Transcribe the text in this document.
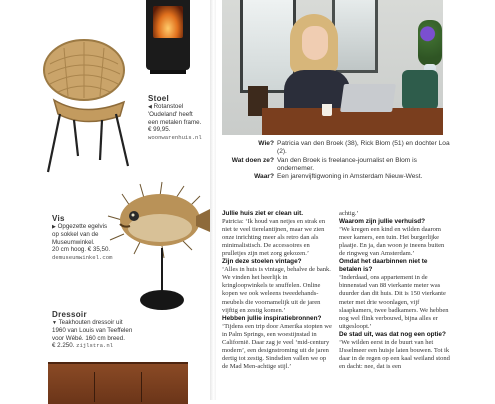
Stoel
◀ Rotanstoel
'Oudeland' heeft
een metalen frame.
€ 99,95.
woonwarenhuis.nl
Vis
▶ Opgezette egelvis
op sokkel van de
Museumwinkel.
20 cm hoog. € 35,50.
demuseumwinkel.com
Dressoir
▼ Teakhouten dressoir uit
1960 van Louis van Teeffelen
voor Wébé. 160 cm breed.
€ 2.250. zijlstra.nl
Wie? Patricia van den Broek (38), Rick Blom (51) en dochter Loa (2).
Wat doen ze? Van den Broek is freelance-journalist en Blom is ondernemer.
Waar? Een jarenvijftigwoning in Amsterdam Nieuw-West.

Jullie huis ziet er clean uit.

Patricia: ‘Ik houd van netjes en strak en niet te veel tierelantijnen, maar we zien onze inrichting meer als retro dan als minimalistisch. De accessoires en prulletjes zijn met zorg gekozen.’

Zijn deze stoelen vintage?

‘Alles in huis is vintage, behalve de bank. We vinden het heerlijk in kringloopwinkels te snuffelen. Online kopen we ook weleens tweedehands-meubels die voornamelijk uit de jaren vijftig en zestig komen.’

Hebben jullie inspiratiebronnen?

‘Tijdens een trip door Amerika stopten we in Palm Springs, een woestijnstad in Californië. Daar zag je veel ‘mid-century modern’, een designstroming uit de jaren dertig tot zestig. Sindsdien vallen we op de Mad Men-achtige stijl.’

achtig.’

Waarom zijn jullie verhuisd?

‘We kregen een kind en wilden daarom meer kamers, een tuin. Het burgerlijke plaatje. En ja, dan woon je ineens buiten de ringweg van Amsterdam.’

Omdat het daarbinnen niet te betalen is?

‘Inderdaad, ons appartement in de binnenstad van 88 vierkante meter was duurder dan dit huis. Dit is 150 vierkante meter met drie woonlagen, vijf slaapkamers, twee badkamers. We hebben nog wel flink verbouwd, bijna alles er uitgesloopt.’

De stad uit, was dat nog een optie?

‘We wilden eerst in de buurt van het IJsselmeer een huisje laten bouwen. Tot ik daar in de regen op een kaal weiland stond en dacht: nee, dat is een
